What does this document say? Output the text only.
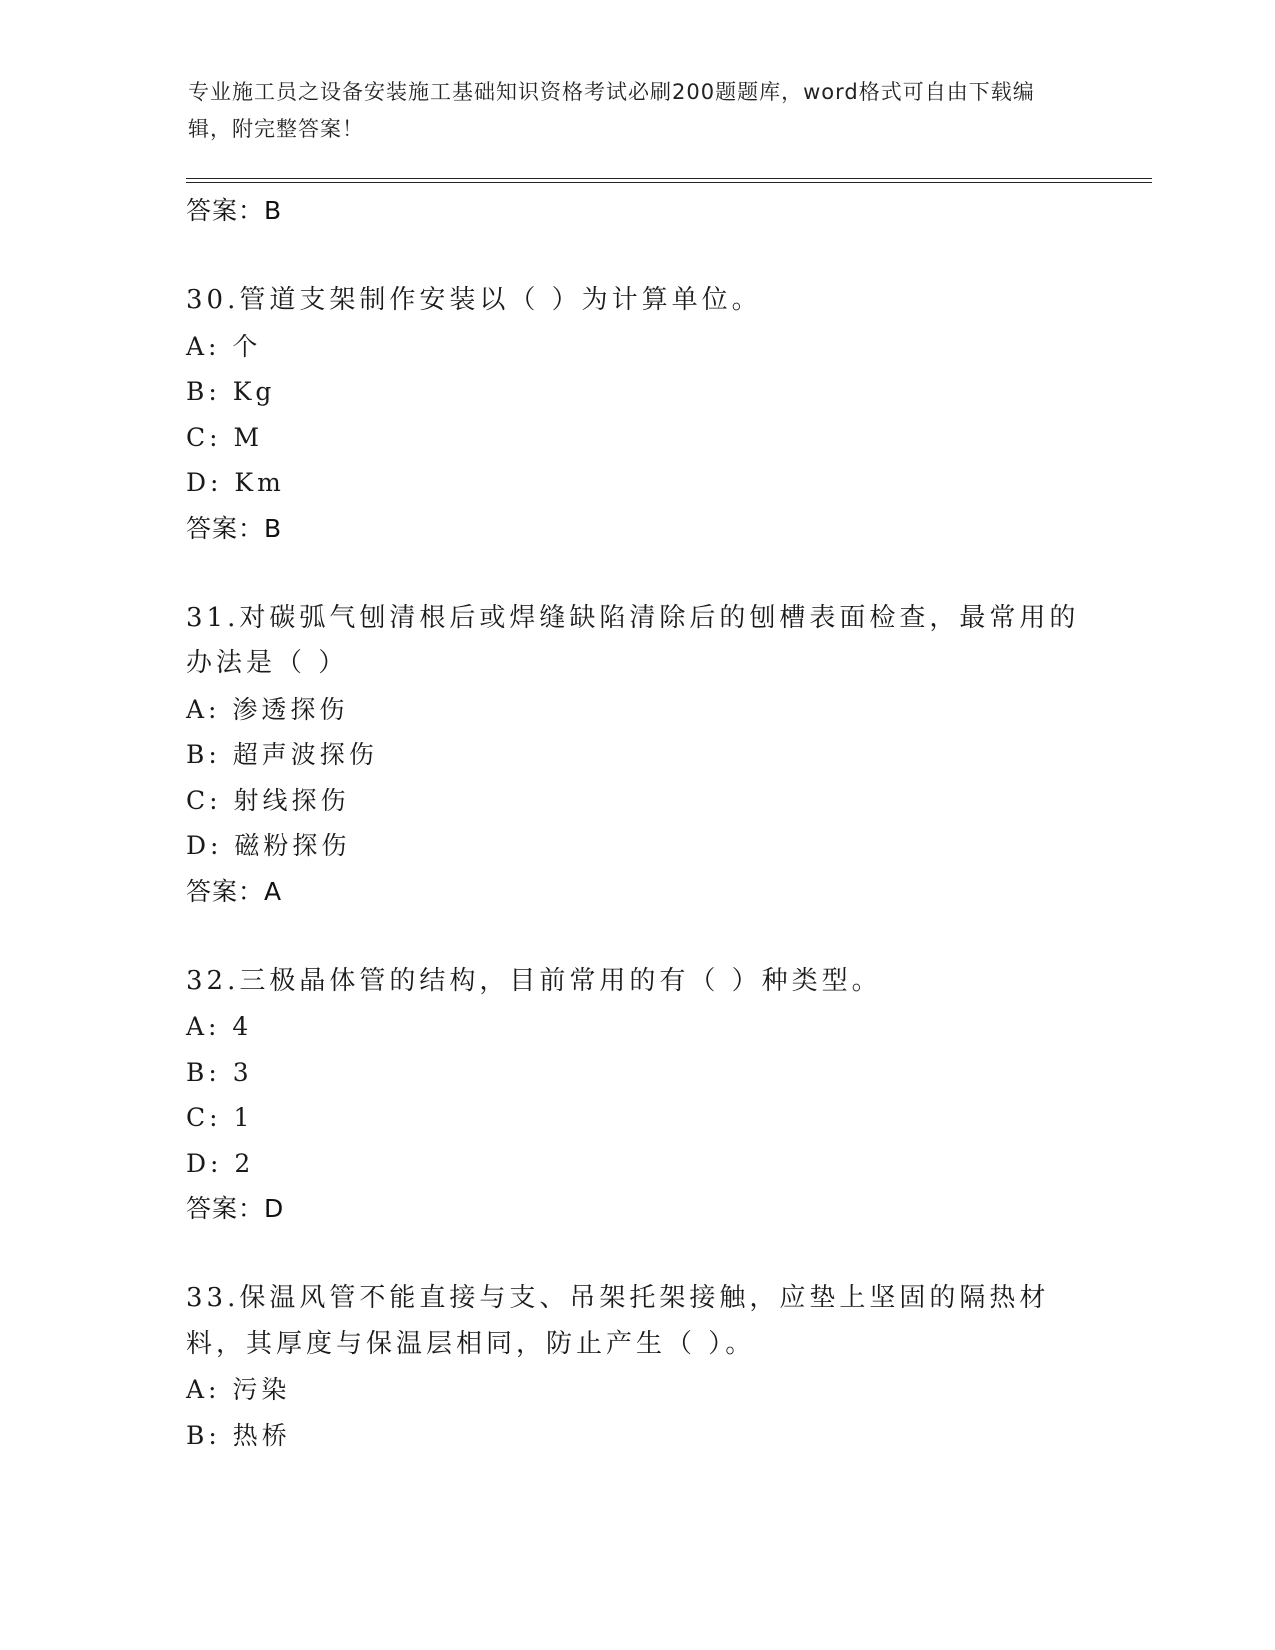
专业施工员之设备安装施工基础知识资格考试必刷200题题库，word格式可自由下载编辑，附完整答案！
答案：B
30.管道支架制作安装以（ ）为计算单位。
A: 个
B: Kg
C: M
D: Km
答案：B
31.对碳弧气刨清根后或焊缝缺陷清除后的刨槽表面检查，最常用的办法是（ ）
A: 渗透探伤
B: 超声波探伤
C: 射线探伤
D: 磁粉探伤
答案：A
32.三极晶体管的结构，目前常用的有（ ）种类型。
A: 4
B: 3
C: 1
D: 2
答案：D
33.保温风管不能直接与支、吊架托架接触，应垫上坚固的隔热材料，其厚度与保温层相同，防止产生（ ）。
A: 污染
B: 热桥
